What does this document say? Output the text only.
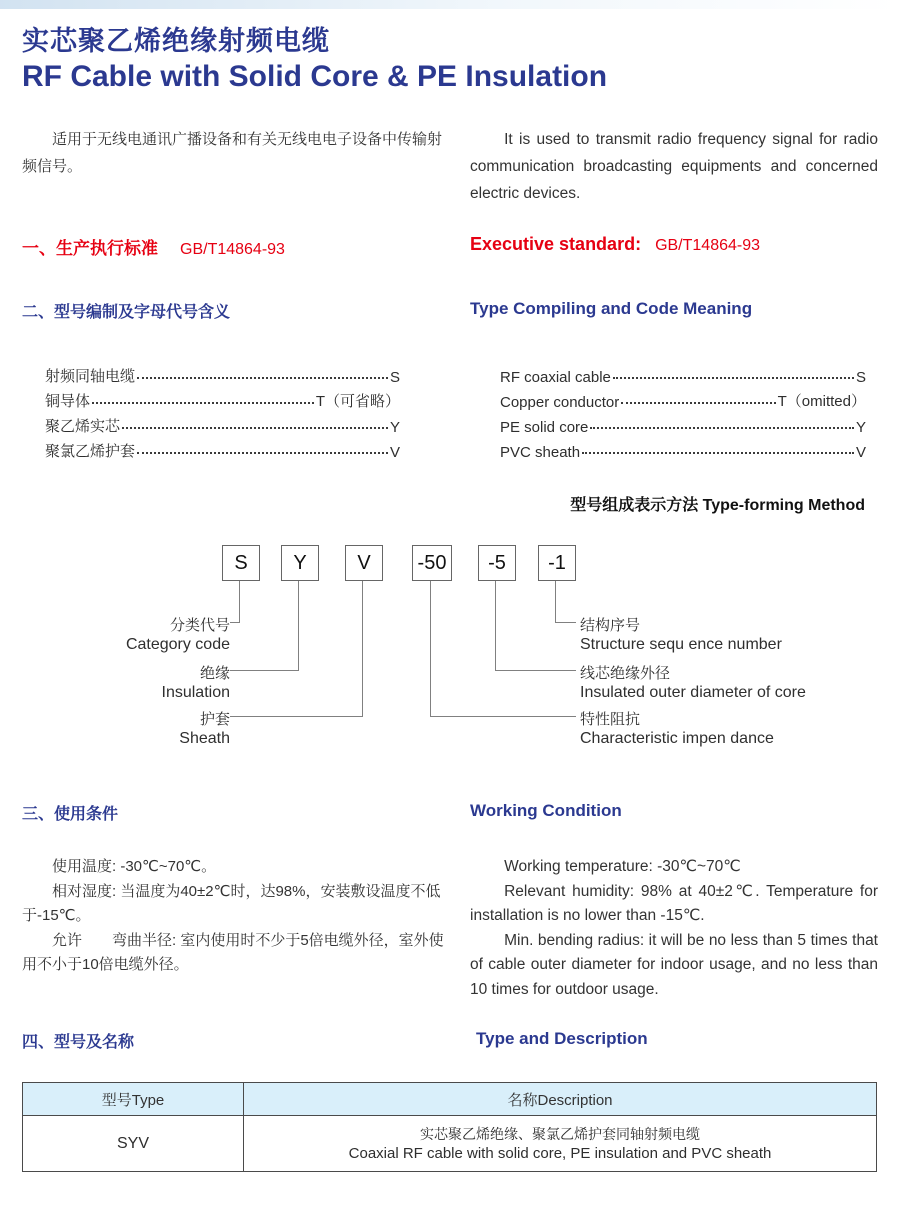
实芯聚乙烯绝缘射频电缆
RF Cable with Solid Core & PE Insulation
适用于无线电通讯广播设备和有关无线电电子设备中传输射频信号。
It is used to transmit radio frequency signal for radio communication broadcasting equipments and concerned electric devices.
一、生产执行标准 GB/T14864-93	Executive standard: GB/T14864-93
二、型号编制及字母代号含义	Type Compiling and Code Meaning
射频同轴电缆	S
铜导体	T（可省略）
聚乙烯实芯	Y
聚氯乙烯护套	V
RF coaxial cable	S
Copper conductor	T（omitted）
PE solid core	Y
PVC sheath	V
型号组成表示方法 Type-forming Method
S	Y	V	-50	-5	-1
分类代号
Category code
绝缘
Insulation
护套
Sheath
结构序号
Structure sequ ence number
线芯绝缘外径
Insulated outer diameter of core
特性阻抗
Characteristic impen dance
三、使用条件	Working Condition

使用温度: -30℃~70℃。

相对湿度: 当温度为40±2℃时，达98%，安装敷设温度不低于-15℃。

允许　　弯曲半径: 室内使用时不少于5倍电缆外径，室外使用不小于10倍电缆外径。

Working temperature: -30℃~70℃

Relevant humidity: 98% at 40±2℃. Temperature for installation is no lower than -15℃.

Min. bending radius: it will be no less than 5 times that of cable outer diameter for indoor usage, and no less than 10 times for outdoor usage.

四、型号及名称	Type and Description
型号Type	名称Description
SYV	实芯聚乙烯绝缘、聚氯乙烯护套同轴射频电缆
Coaxial RF cable with solid core, PE insulation and PVC sheath
